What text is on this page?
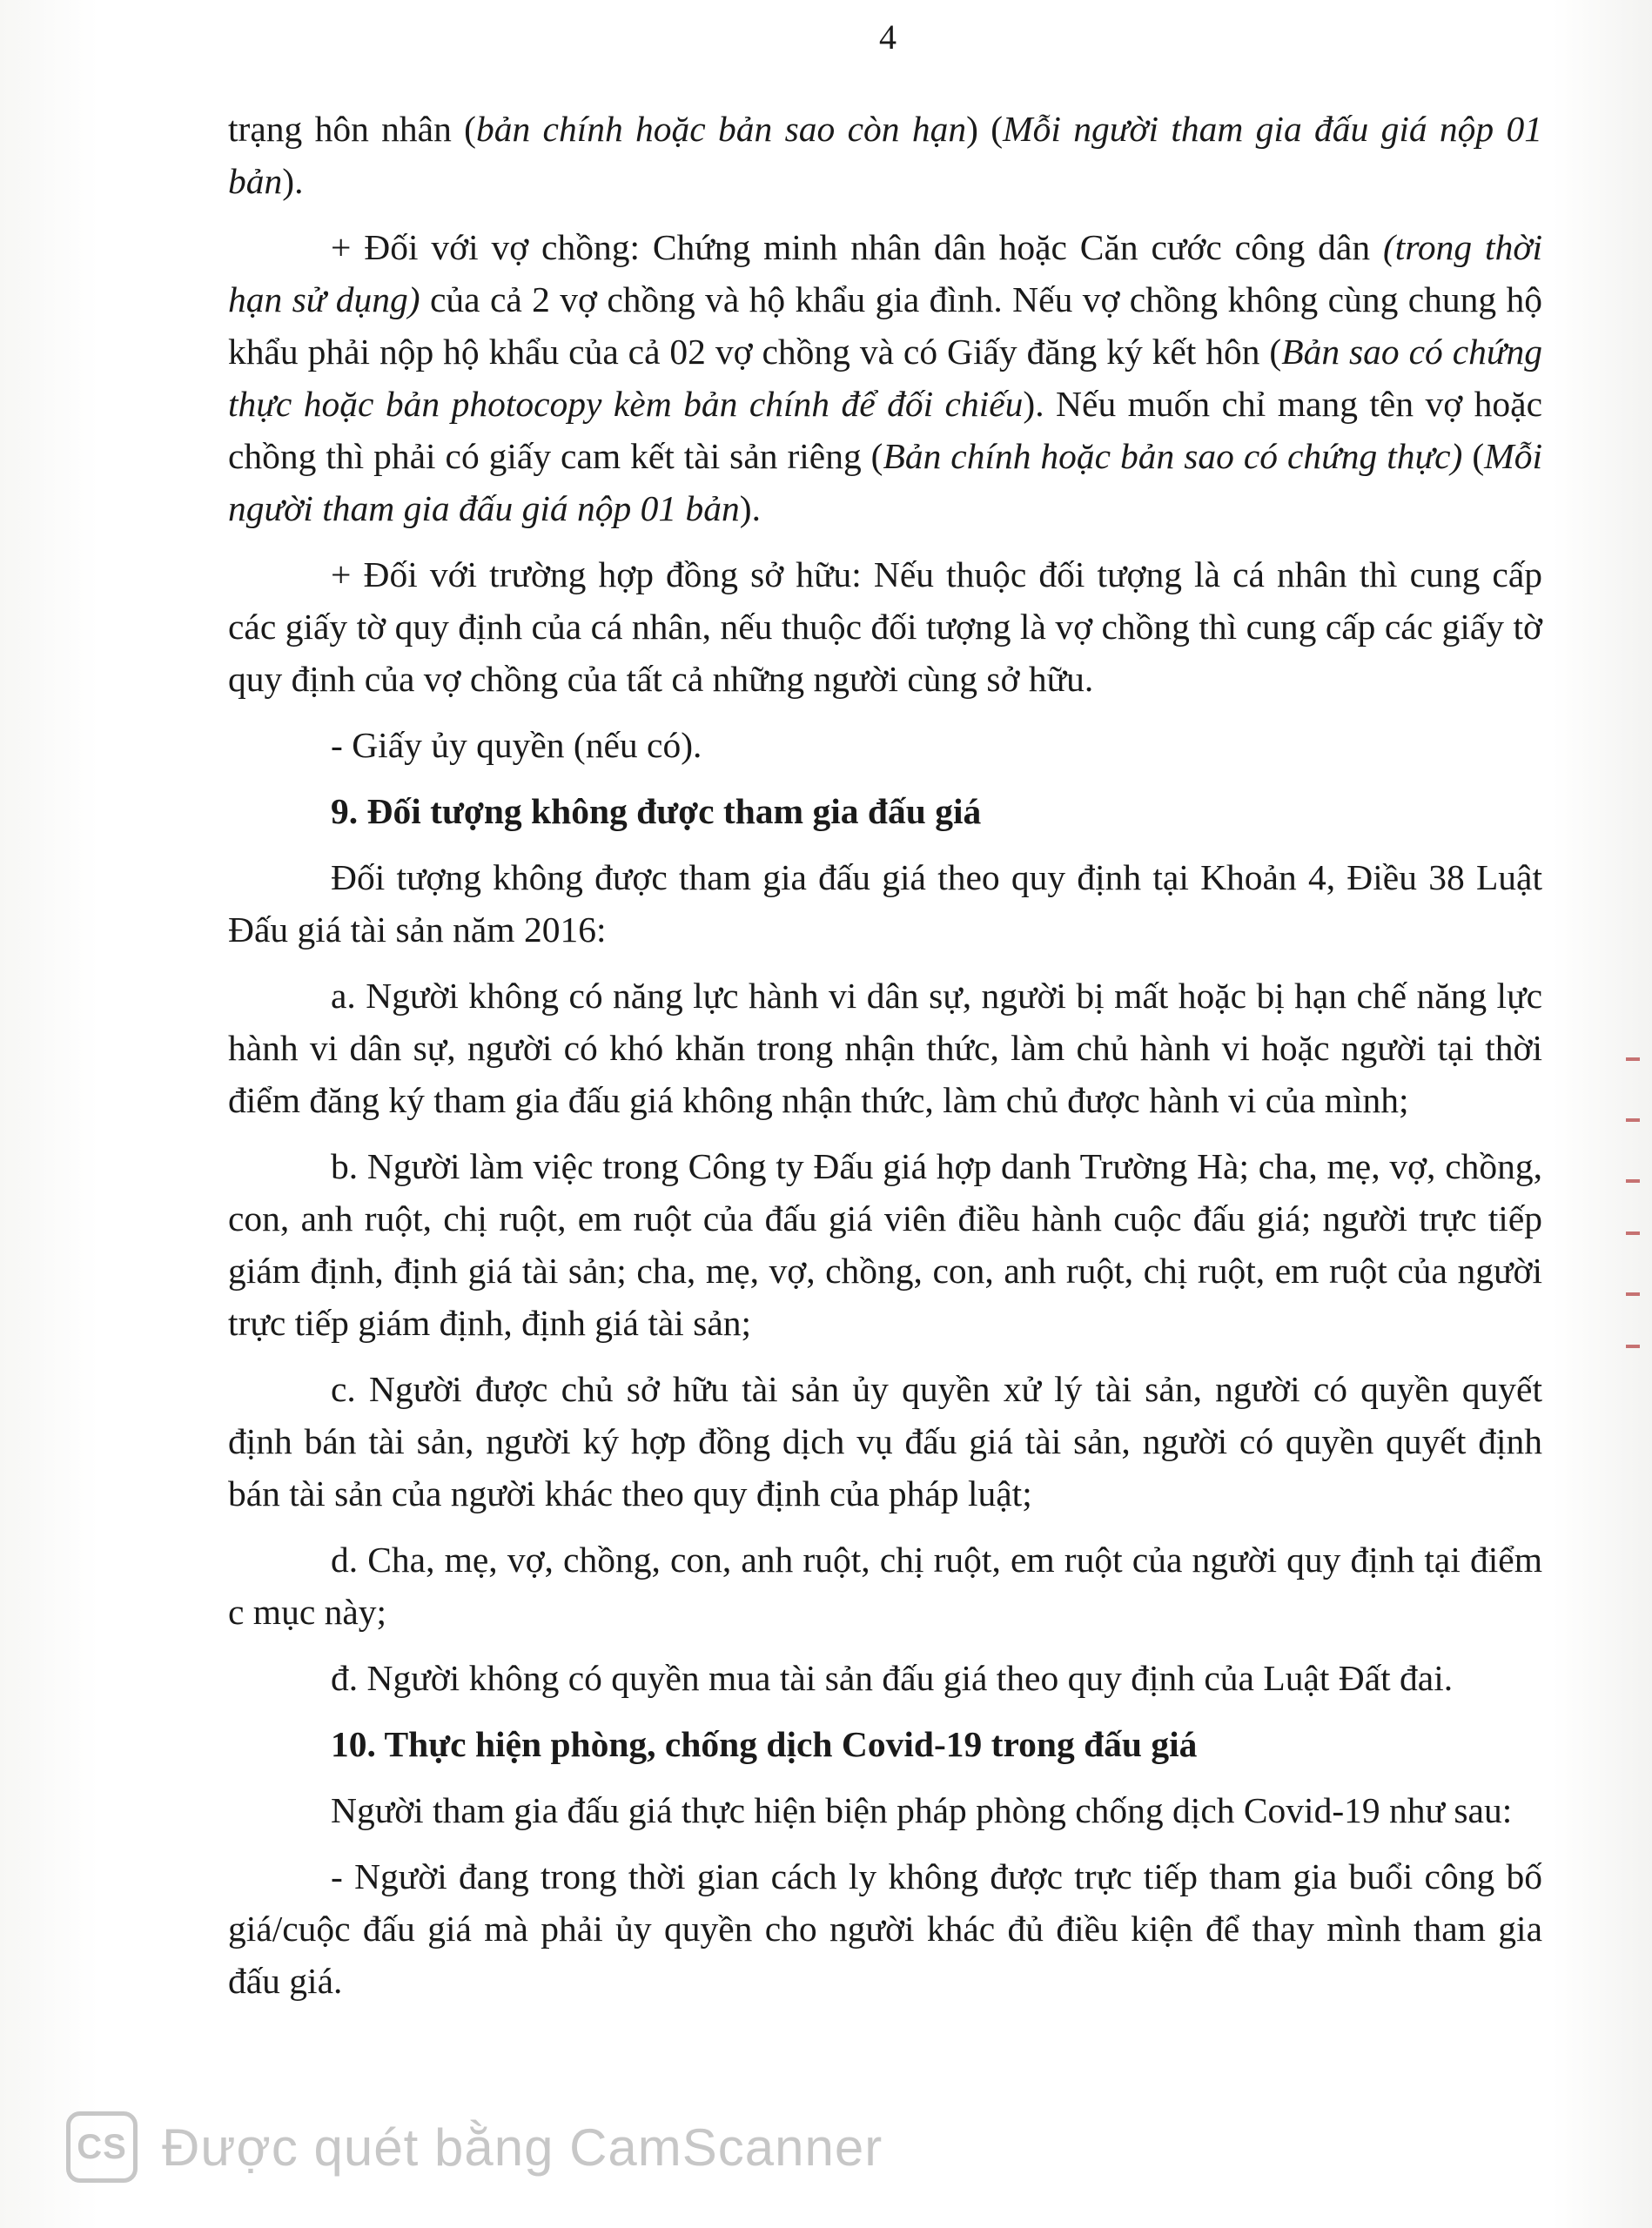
4

trạng hôn nhân (bản chính hoặc bản sao còn hạn) (Mỗi người tham gia đấu giá nộp 01 bản).

+ Đối với vợ chồng: Chứng minh nhân dân hoặc Căn cước công dân (trong thời hạn sử dụng) của cả 2 vợ chồng và hộ khẩu gia đình. Nếu vợ chồng không cùng chung hộ khẩu phải nộp hộ khẩu của cả 02 vợ chồng và có Giấy đăng ký kết hôn (Bản sao có chứng thực hoặc bản photocopy kèm bản chính để đối chiếu). Nếu muốn chỉ mang tên vợ hoặc chồng thì phải có giấy cam kết tài sản riêng (Bản chính hoặc bản sao có chứng thực) (Mỗi người tham gia đấu giá nộp 01 bản).

+ Đối với trường hợp đồng sở hữu: Nếu thuộc đối tượng là cá nhân thì cung cấp các giấy tờ quy định của cá nhân, nếu thuộc đối tượng là vợ chồng thì cung cấp các giấy tờ quy định của vợ chồng của tất cả những người cùng sở hữu.

- Giấy ủy quyền (nếu có).

9. Đối tượng không được tham gia đấu giá

Đối tượng không được tham gia đấu giá theo quy định tại Khoản 4, Điều 38 Luật Đấu giá tài sản năm 2016:

a. Người không có năng lực hành vi dân sự, người bị mất hoặc bị hạn chế năng lực hành vi dân sự, người có khó khăn trong nhận thức, làm chủ hành vi hoặc người tại thời điểm đăng ký tham gia đấu giá không nhận thức, làm chủ được hành vi của mình;

b. Người làm việc trong Công ty Đấu giá hợp danh Trường Hà; cha, mẹ, vợ, chồng, con, anh ruột, chị ruột, em ruột của đấu giá viên điều hành cuộc đấu giá; người trực tiếp giám định, định giá tài sản; cha, mẹ, vợ, chồng, con, anh ruột, chị ruột, em ruột của người trực tiếp giám định, định giá tài sản;

c. Người được chủ sở hữu tài sản ủy quyền xử lý tài sản, người có quyền quyết định bán tài sản, người ký hợp đồng dịch vụ đấu giá tài sản, người có quyền quyết định bán tài sản của người khác theo quy định của pháp luật;

d. Cha, mẹ, vợ, chồng, con, anh ruột, chị ruột, em ruột của người quy định tại điểm c mục này;

đ. Người không có quyền mua tài sản đấu giá theo quy định của Luật Đất đai.

10. Thực hiện phòng, chống dịch Covid-19 trong đấu giá

Người tham gia đấu giá thực hiện biện pháp phòng chống dịch Covid-19 như sau:

- Người đang trong thời gian cách ly không được trực tiếp tham gia buổi công bố giá/cuộc đấu giá mà phải ủy quyền cho người khác đủ điều kiện để thay mình tham gia đấu giá.

CS Được quét bằng CamScanner
